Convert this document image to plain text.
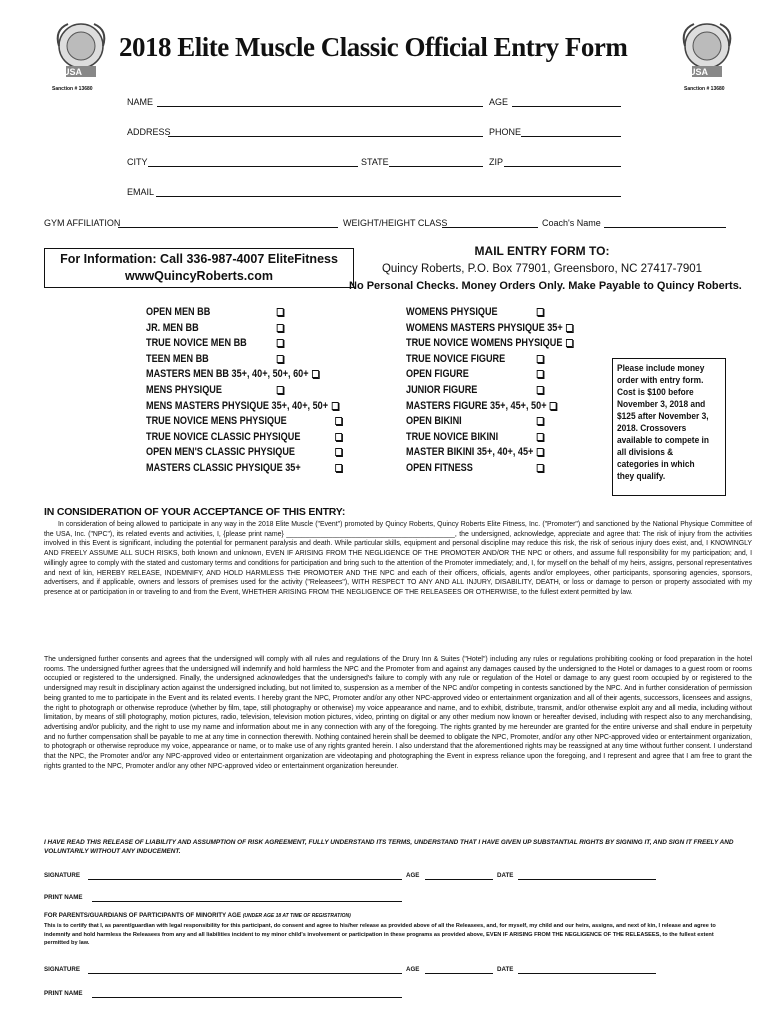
USA
Sanction # 13680
USA
Sanction # 13680
2018 Elite Muscle Classic Official Entry Form
NAME	AGE
ADDRESS	PHONE
CITY	STATE	ZIP
EMAIL
GYM AFFILIATION	WEIGHT/HEIGHT CLASS	Coach's Name
For Information: Call 336-987-4007 EliteFitness
wwwQuincyRoberts.com
MAIL ENTRY FORM TO:
Quincy Roberts, P.O. Box 77901, Greensboro, NC 27417-7901
No Personal Checks. Money Orders Only. Make Payable to Quincy Roberts.
OPEN MEN BB
JR. MEN BB
TRUE NOVICE MEN BB
TEEN MEN BB
MASTERS MEN BB 35+, 40+, 50+, 60+
MENS PHYSIQUE
MENS MASTERS PHYSIQUE 35+, 40+, 50+
TRUE NOVICE MENS PHYSIQUE
TRUE NOVICE CLASSIC PHYSIQUE
OPEN MEN'S CLASSIC PHYSIQUE
MASTERS CLASSIC PHYSIQUE 35+
WOMENS PHYSIQUE
WOMENS MASTERS PHYSIQUE 35+
TRUE NOVICE WOMENS PHYSIQUE
TRUE NOVICE FIGURE
OPEN FIGURE
JUNIOR FIGURE
MASTERS FIGURE 35+, 45+, 50+
OPEN BIKINI
TRUE NOVICE BIKINI
MASTER BIKINI 35+, 40+, 45+
OPEN FITNESS
Please include money order with entry form. Cost is $100 before November 3, 2018 and $125 after November 3, 2018. Crossovers available to compete in all divisions & categories in which they qualify.
IN CONSIDERATION OF YOUR ACCEPTANCE OF THIS ENTRY:
In consideration of being allowed to participate in any way in the 2018 Elite Muscle ("Event") promoted by Quincy Roberts, Quincy Roberts Elite Fitness, Inc. ("Promoter") and sanctioned by the National Physique Committee of the USA, Inc. ("NPC"), its related events and activities, I, {please print name} ____________________________________________, the undersigned, acknowledge, appreciate and agree that: The risk of injury from the activities involved in this Event is significant, including the potential for permanent paralysis and death. While particular skills, equipment and personal discipline may reduce this risk, the risk of serious injury does exist, and, I KNOWINGLY AND FREELY ASSUME ALL SUCH RISKS, both known and unknown, EVEN IF ARISING FROM THE NEGLIGENCE OF THE PROMOTER AND/OR THE NPC or others, and assume full responsibility for my participation; and, I willingly agree to comply with the stated and customary terms and conditions for participation and bring such to the attention of the Promoter immediately; and, I, for myself on the behalf of my heirs, assigns, personal representatives and next of kin, HEREBY RELEASE, INDEMNIFY, AND HOLD HARMLESS THE PROMOTER AND THE NPC and each of their officers, officials, agents and/or employees, other participants, sponsoring agencies, sponsors, advertisers, and if applicable, owners and lessors of premises used for the activity ("Releasees"), WITH RESPECT TO ANY AND ALL INJURY, DISABILITY, DEATH, or loss or damage to person or property associated with my presence at or participation in or traveling to and from the Event, WHETHER ARISING FROM THE NEGLIGENCE OF THE RELEASEES OR OTHERWISE, to the fullest extent permitted by law.
The undersigned further consents and agrees that the undersigned will comply with all rules and regulations of the Drury Inn & Suites ("Hotel") including any rules or regulations prohibiting cooking or food preparation in the hotel rooms. The undersigned further agrees that the undersigned will indemnify and hold harmless the NPC and the Promoter from and against any damages caused by the undersigned to the Hotel or damages to a guest room or rooms occupied or registered to the undersigned. Finally, the undersigned acknowledges that the undersigned's failure to comply with any rule or regulation of the Hotel or damage to any guest room occupied by or registered to the undersigned may result in disciplinary action against the undersigned including, but not limited to, suspension as a member of the NPC and/or competing in contests sanctioned by the NPC. And in further consideration of permission being granted to me to participate in the Event and its related events. I hereby grant the NPC, Promoter and/or any other NPC-approved video or entertainment organization and all of their agents, successors, licensees and assigns, the right to photograph or otherwise reproduce (whether by film, tape, still photography or otherwise) my voice appearance and name, and to exhibit, distribute, transmit, and/or otherwise exploit any and all media, including without limitation, by means of still photography, motion pictures, radio, television, television motion pictures, video, printing on digital or any other medium now known or hereafter devised, including with respect also to any merchandising, advertising and/or publicity, and the right to use my name and information about me in any connection with any of the foregoing. The rights granted by me hereunder are granted for the entire universe and shall endure in perpetuity and no further compensation shall be payable to me at any time in connection therewith. Nothing contained herein shall be deemed to obligate the NPC, Promoter, and/or any other NPC-approved video or entertainment organization, to photograph or otherwise reproduce my voice, appearance or name, or to make use of any rights granted herein. I also understand that the aforementioned rights may be reassigned at any time without further consent. I understand that the NPC, the Promoter and/or any NPC-approved video or entertainment organization are videotaping and photographing the Event in express reliance upon the foregoing, and I represent and agree that I am free to grant the rights granted to the NPC, Promoter and/or any other NPC-approved video or entertainment organization hereunder.
I HAVE READ THIS RELEASE OF LIABILITY AND ASSUMPTION OF RISK AGREEMENT, FULLY UNDERSTAND ITS TERMS, UNDERSTAND THAT I HAVE GIVEN UP SUBSTANTIAL RIGHTS BY SIGNING IT, AND SIGN IT FREELY AND VOLUNTARILY WITHOUT ANY INDUCEMENT.
SIGNATURE	AGE	DATE
PRINT NAME
FOR PARENTS/GUARDIANS OF PARTICIPANTS OF MINORITY AGE (UNDER AGE 18 AT TIME OF REGISTRATION)
This is to certify that I, as parent/guardian with legal responsibility for this participant, do consent and agree to his/her release as provided above of all the Releasees, and, for myself, my child and our heirs, assigns, and next of kin, I release and agree to indemnify and hold harmless the Releasees from any and all liabilities incident to my minor child's involvement or participation in these programs as provided above, EVEN IF ARISING FROM THE NEGLIGENCE OF THE RELEASEES, to the fullest extent permitted by law.
SIGNATURE	AGE	DATE
PRINT NAME
